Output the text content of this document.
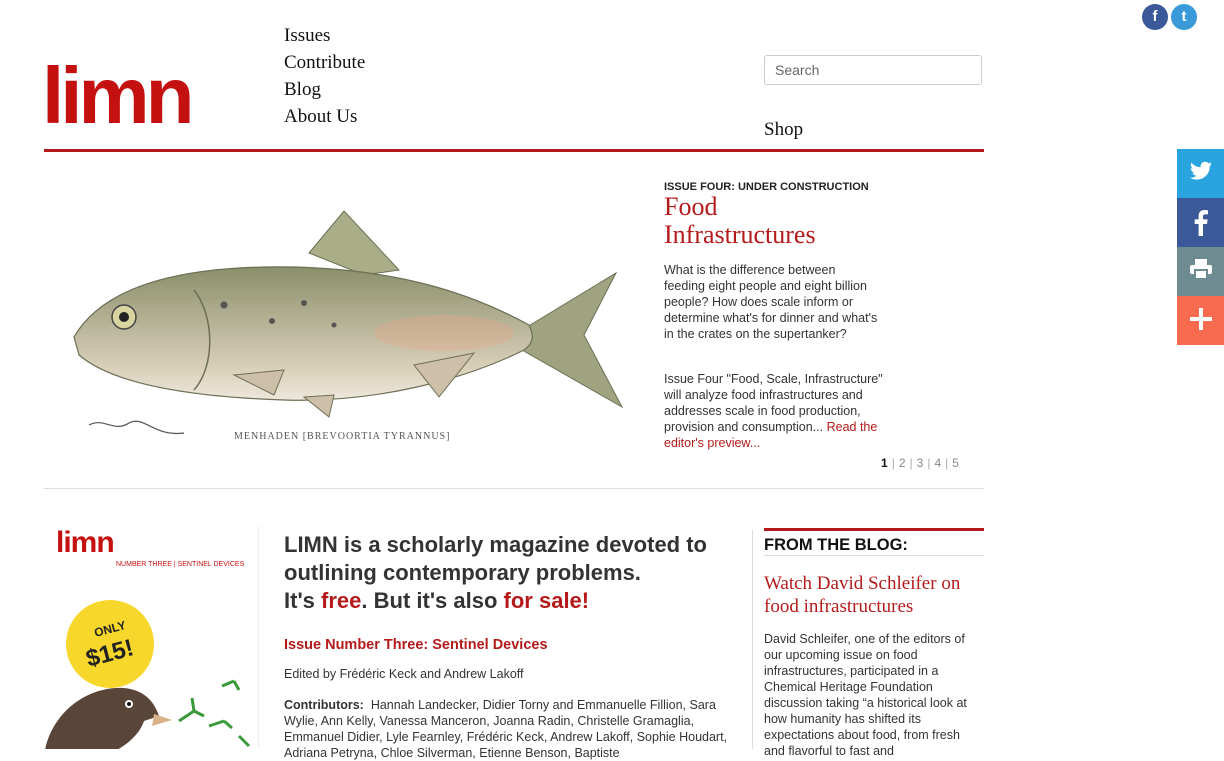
f	t
limn
Issues
Contribute
Blog
About Us
Search
Shop
MENHADEN [BREVOORTIA TYRANNUS]
ISSUE FOUR: UNDER CONSTRUCTION
Food Infrastructures

What is the difference between feeding eight people and eight billion people? How does scale inform or determine what's for dinner and what's in the crates on the supertanker?

Issue Four "Food, Scale, Infrastructure" will analyze food infrastructures and addresses scale in food production, provision and consumption... Read the editor's preview...

1 | 2 | 3 | 4 | 5
limn
NUMBER THREE | SENTINEL DEVICES
ONLY
$15!
LIMN is a scholarly magazine devoted to outlining contemporary problems.
It's free. But it's also for sale!
Issue Number Three: Sentinel Devices
Edited by Frédéric Keck and Andrew Lakoff
Contributors: Hannah Landecker, Didier Torny and Emmanuelle Fillion, Sara Wylie, Ann Kelly, Vanessa Manceron, Joanna Radin, Christelle Gramaglia, Emmanuel Didier, Lyle Fearnley, Frédéric Keck, Andrew Lakoff, Sophie Houdart, Adriana Petryna, Chloe Silverman, Etienne Benson, Baptiste
FROM THE BLOG:
Watch David Schleifer on food infrastructures
David Schleifer, one of the editors of our upcoming issue on food infrastructures, participated in a Chemical Heritage Foundation discussion taking “a historical look at how humanity has shifted its expectations about food, from fresh and flavorful to fast and
